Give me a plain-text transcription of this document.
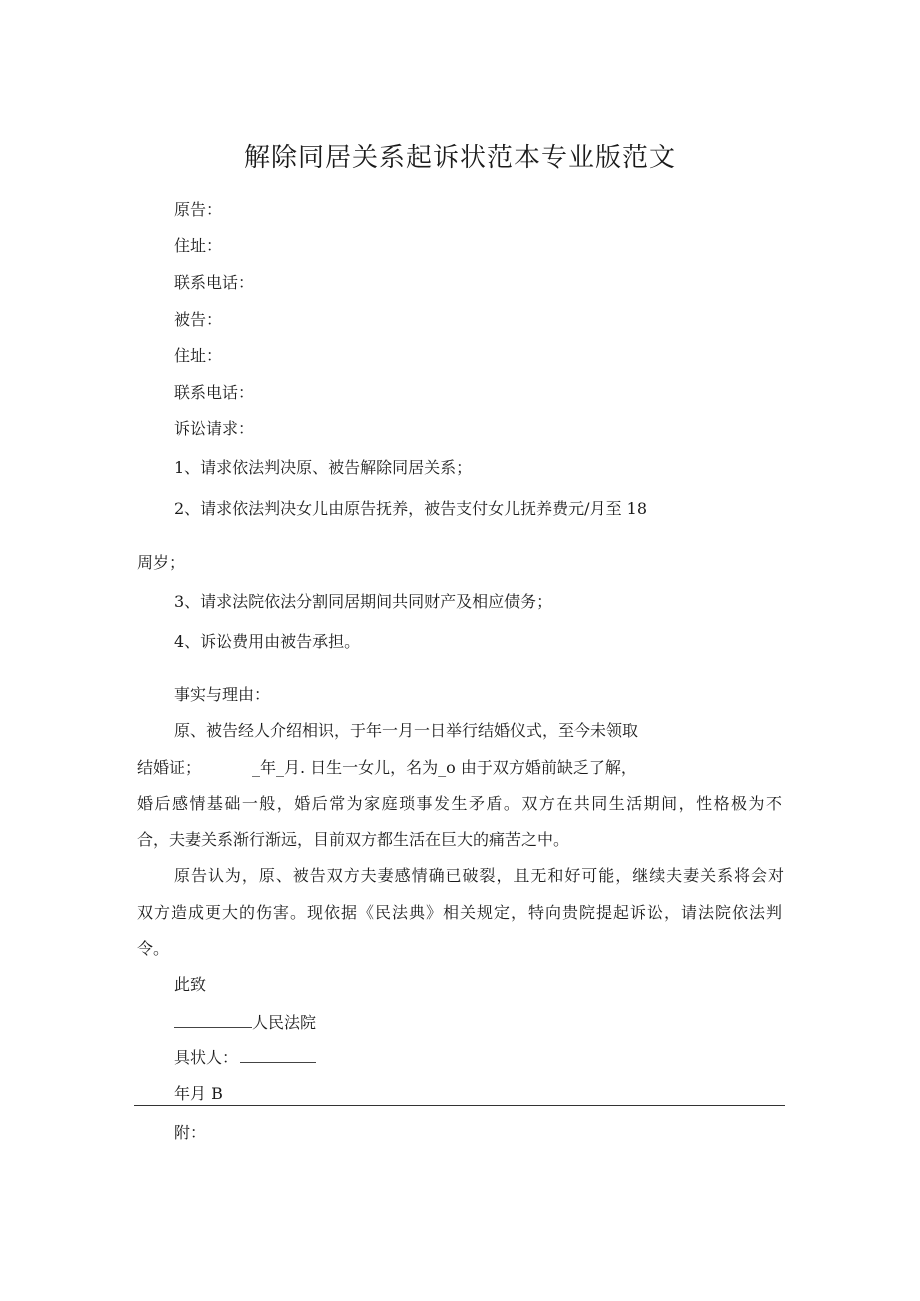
解除同居关系起诉状范本专业版范文
原告：
住址：
联系电话：
被告：
住址：
联系电话：
诉讼请求：
1、请求依法判决原、被告解除同居关系；
2、请求依法判决女儿由原告抚养，被告支付女儿抚养费元/月至 18
周岁；
3、请求法院依法分割同居期间共同财产及相应债务；
4、诉讼费用由被告承担。
事实与理由：
原、被告经人介绍相识，于年一月一日举行结婚仪式，至今未领取
结婚证；	_年_月. 日生一女儿，名为_o 由于双方婚前缺乏了解，
婚后感情基础一般，婚后常为家庭琐事发生矛盾。双方在共同生活期间，性格极为不
合，夫妻关系渐行渐远，目前双方都生活在巨大的痛苦之中。
原告认为，原、被告双方夫妻感情确已破裂，且无和好可能，继续夫妻关系将会对
双方造成更大的伤害。现依据《民法典》相关规定，特向贵院提起诉讼，请法院依法判
令。
此致
人民法院
具状人：
年月 B
附：
